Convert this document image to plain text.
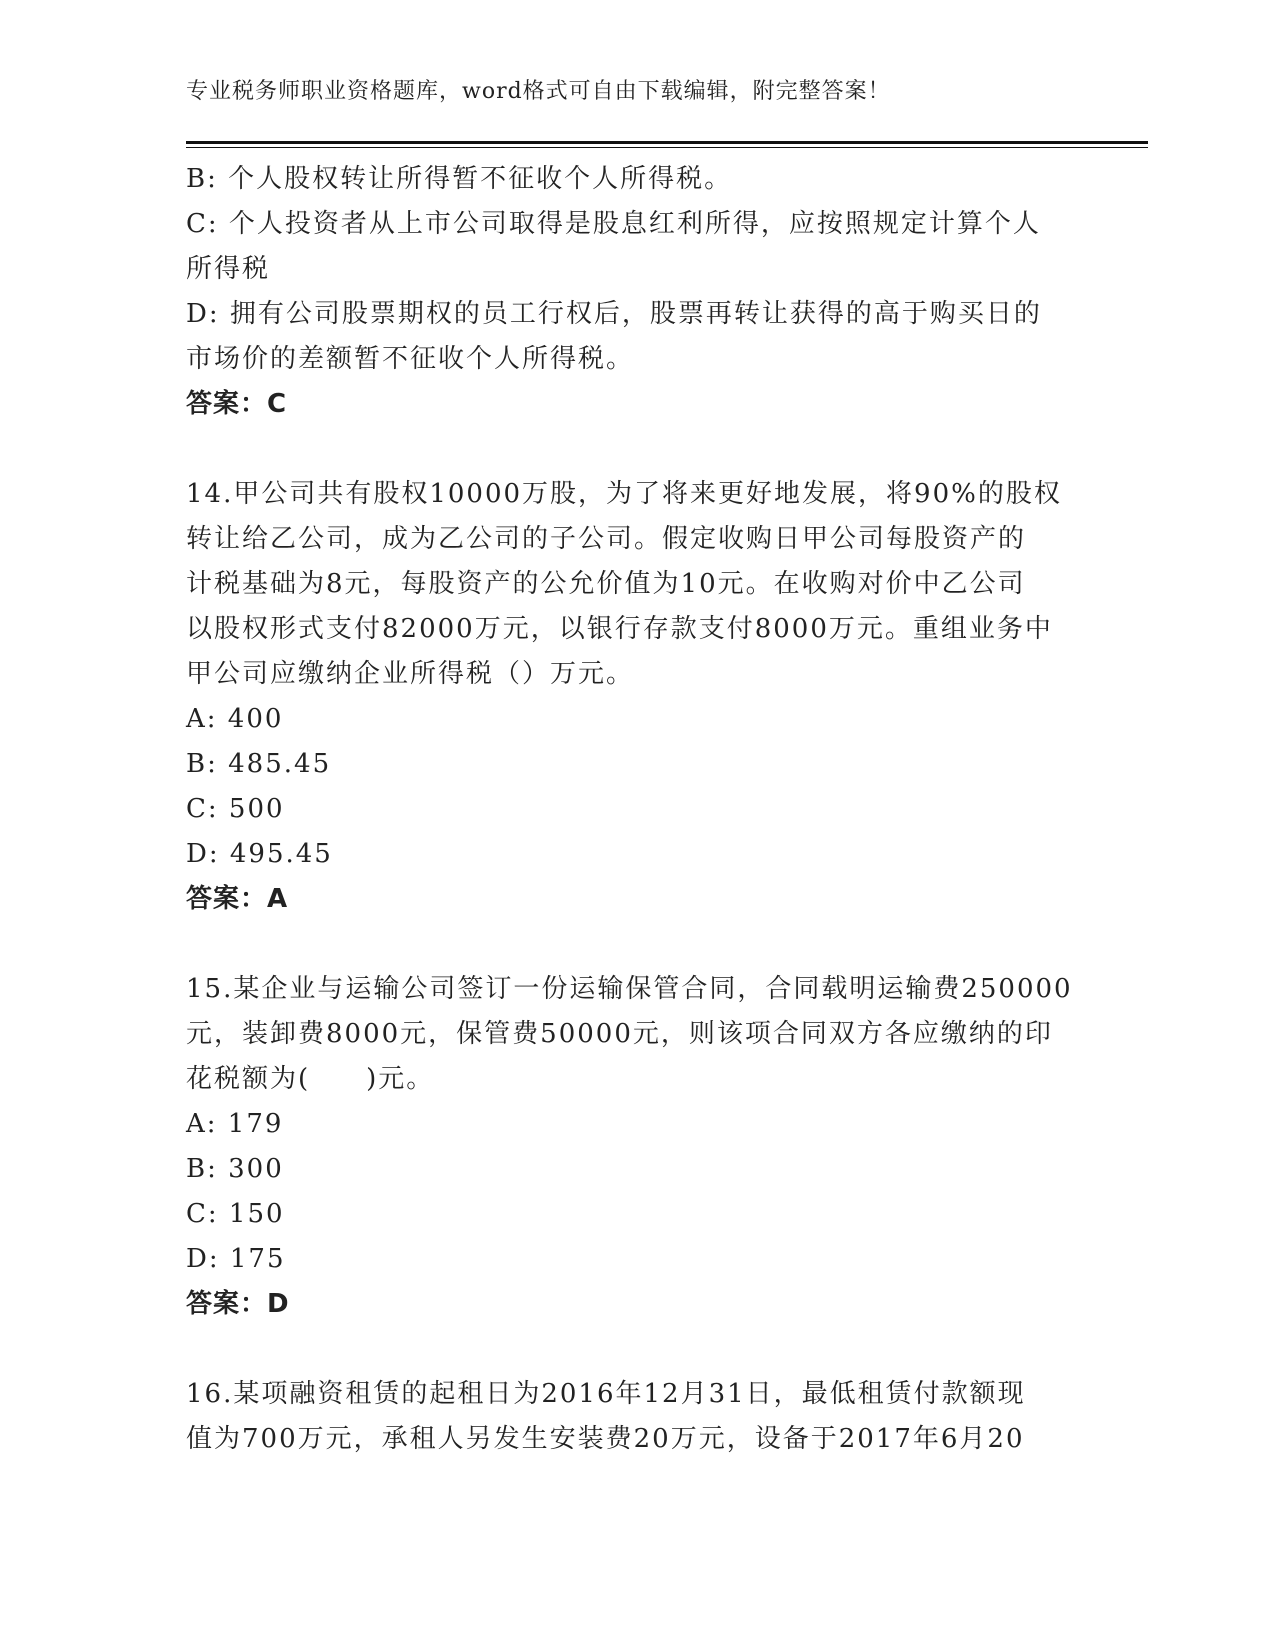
专业税务师职业资格题库，word格式可自由下载编辑，附完整答案！
B: 个人股权转让所得暂不征收个人所得税。
C: 个人投资者从上市公司取得是股息红利所得，应按照规定计算个人
所得税
D: 拥有公司股票期权的员工行权后，股票再转让获得的高于购买日的
市场价的差额暂不征收个人所得税。
答案：C
14.甲公司共有股权10000万股，为了将来更好地发展，将90%的股权
转让给乙公司，成为乙公司的子公司。假定收购日甲公司每股资产的
计税基础为8元，每股资产的公允价值为10元。在收购对价中乙公司
以股权形式支付82000万元，以银行存款支付8000万元。重组业务中
甲公司应缴纳企业所得税（）万元。
A: 400
B: 485.45
C: 500
D: 495.45
答案：A
15.某企业与运输公司签订一份运输保管合同，合同载明运输费250000
元，装卸费8000元，保管费50000元，则该项合同双方各应缴纳的印
花税额为(　　)元。
A: 179
B: 300
C: 150
D: 175
答案：D
16.某项融资租赁的起租日为2016年12月31日，最低租赁付款额现
值为700万元，承租人另发生安装费20万元，设备于2017年6月20
